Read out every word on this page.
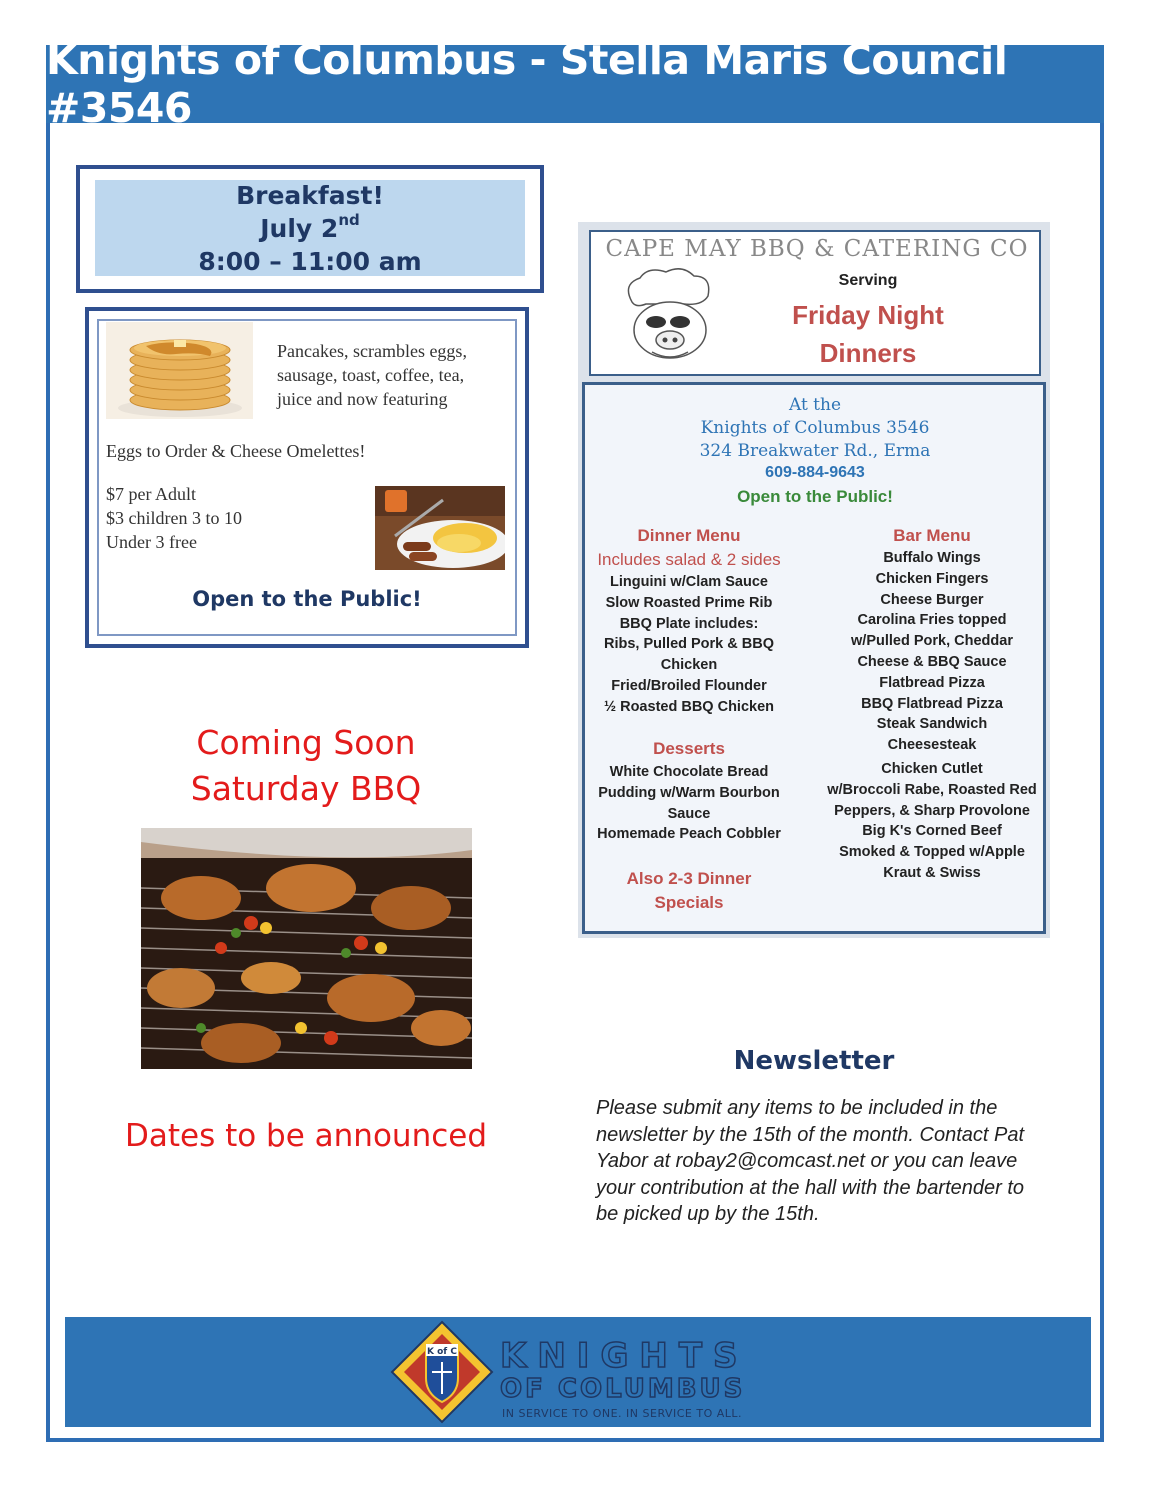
Knights of Columbus - Stella Maris Council #3546
Breakfast!
July 2nd
8:00 – 11:00 am
Pancakes, scrambles eggs,
sausage, toast, coffee, tea,
juice and now featuring
Eggs to Order & Cheese Omelettes!
$7 per Adult
$3 children 3 to 10
Under 3 free
Open to the Public!
Coming Soon
Saturday BBQ
Dates to be announced
CAPE MAY BBQ & CATERING CO
Serving
Friday Night
Dinners
At the
Knights of Columbus 3546
324 Breakwater Rd., Erma
609-884-9643
Open to the Public!
Dinner Menu
Includes salad & 2 sides
Linguini w/Clam Sauce
Slow Roasted Prime Rib
BBQ Plate includes:
Ribs, Pulled Pork & BBQ
Chicken
Fried/Broiled Flounder
½ Roasted BBQ Chicken
Desserts
White Chocolate Bread
Pudding w/Warm Bourbon
Sauce
Homemade Peach Cobbler
Also 2-3 Dinner
Specials
Bar Menu
Buffalo Wings
Chicken Fingers
Cheese Burger
Carolina Fries topped
w/Pulled Pork, Cheddar
Cheese & BBQ Sauce
Flatbread Pizza
BBQ Flatbread Pizza
Steak Sandwich
Cheesesteak
Chicken Cutlet
w/Broccoli Rabe, Roasted Red
Peppers, & Sharp Provolone
Big K's Corned Beef
Smoked & Topped w/Apple
Kraut & Swiss
Newsletter
Please submit any items to be included in the newsletter by the 15th of the month. Contact Pat Yabor at robay2@comcast.net or you can leave your contribution at the hall with the bartender to be picked up by the 15th.
K of C KNIGHTS
OF COLUMBUS
IN SERVICE TO ONE. IN SERVICE TO ALL.
